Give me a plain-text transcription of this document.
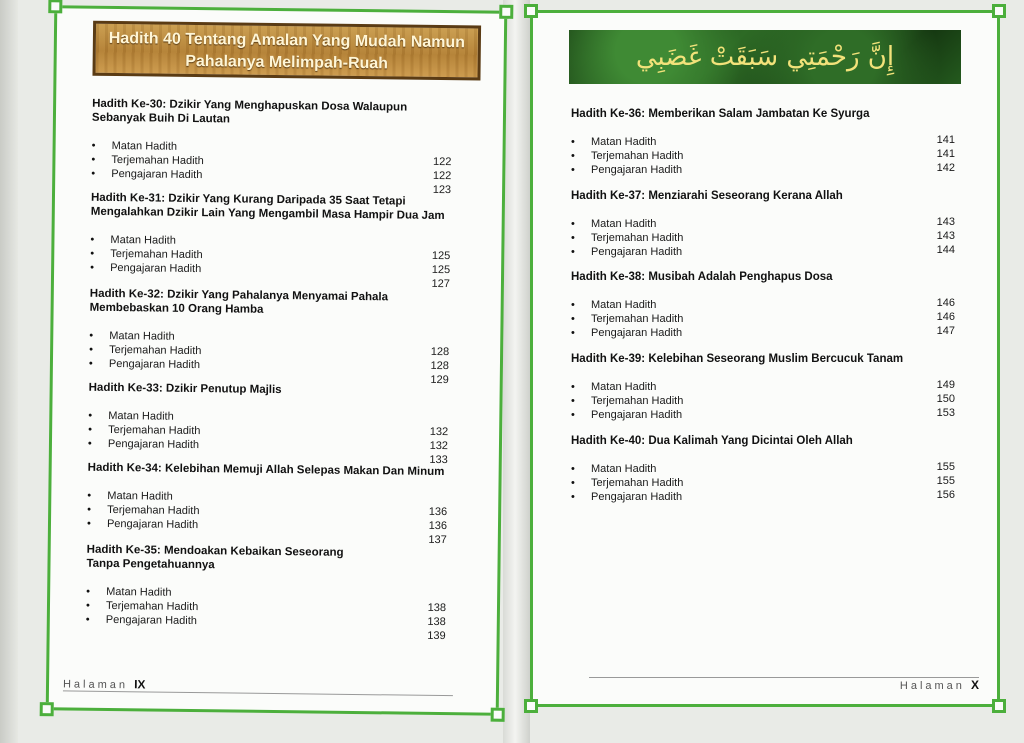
Hadith 40 Tentang Amalan Yang Mudah Namun Pahalanya Melimpah-Ruah
Hadith Ke-30: Dzikir Yang Menghapuskan Dosa Walaupun Sebanyak Buih Di Lautan
• Matan Hadith
• Terjemahan Hadith
• Pengajaran Hadith
122
122
123
Hadith Ke-31: Dzikir Yang Kurang Daripada 35 Saat Tetapi Mengalahkan Dzikir Lain Yang Mengambil Masa Hampir Dua Jam
• Matan Hadith
• Terjemahan Hadith
• Pengajaran Hadith
125
125
127
Hadith Ke-32: Dzikir Yang Pahalanya Menyamai Pahala Membebaskan 10 Orang Hamba
• Matan Hadith
• Terjemahan Hadith
• Pengajaran Hadith
128
128
129
Hadith Ke-33: Dzikir Penutup Majlis
• Matan Hadith
• Terjemahan Hadith
• Pengajaran Hadith
132
132
133
Hadith Ke-34: Kelebihan Memuji Allah Selepas Makan Dan Minum
• Matan Hadith
• Terjemahan Hadith
• Pengajaran Hadith
136
136
137
Hadith Ke-35: Mendoakan Kebaikan Seseorang Tanpa Pengetahuannya
• Matan Hadith
• Terjemahan Hadith
• Pengajaran Hadith
138
138
139
Halaman IX
إِنَّ رَحْمَتِي سَبَقَتْ غَضَبِي
Hadith Ke-36: Memberikan Salam Jambatan Ke Syurga
• Matan Hadith
• Terjemahan Hadith
• Pengajaran Hadith
141
141
142
Hadith Ke-37: Menziarahi Seseorang Kerana Allah
• Matan Hadith
• Terjemahan Hadith
• Pengajaran Hadith
143
143
144
Hadith Ke-38: Musibah Adalah Penghapus Dosa
• Matan Hadith
• Terjemahan Hadith
• Pengajaran Hadith
146
146
147
Hadith Ke-39: Kelebihan Seseorang Muslim Bercucuk Tanam
• Matan Hadith
• Terjemahan Hadith
• Pengajaran Hadith
149
150
153
Hadith Ke-40: Dua Kalimah Yang Dicintai Oleh Allah
• Matan Hadith
• Terjemahan Hadith
• Pengajaran Hadith
155
155
156
Halaman X
